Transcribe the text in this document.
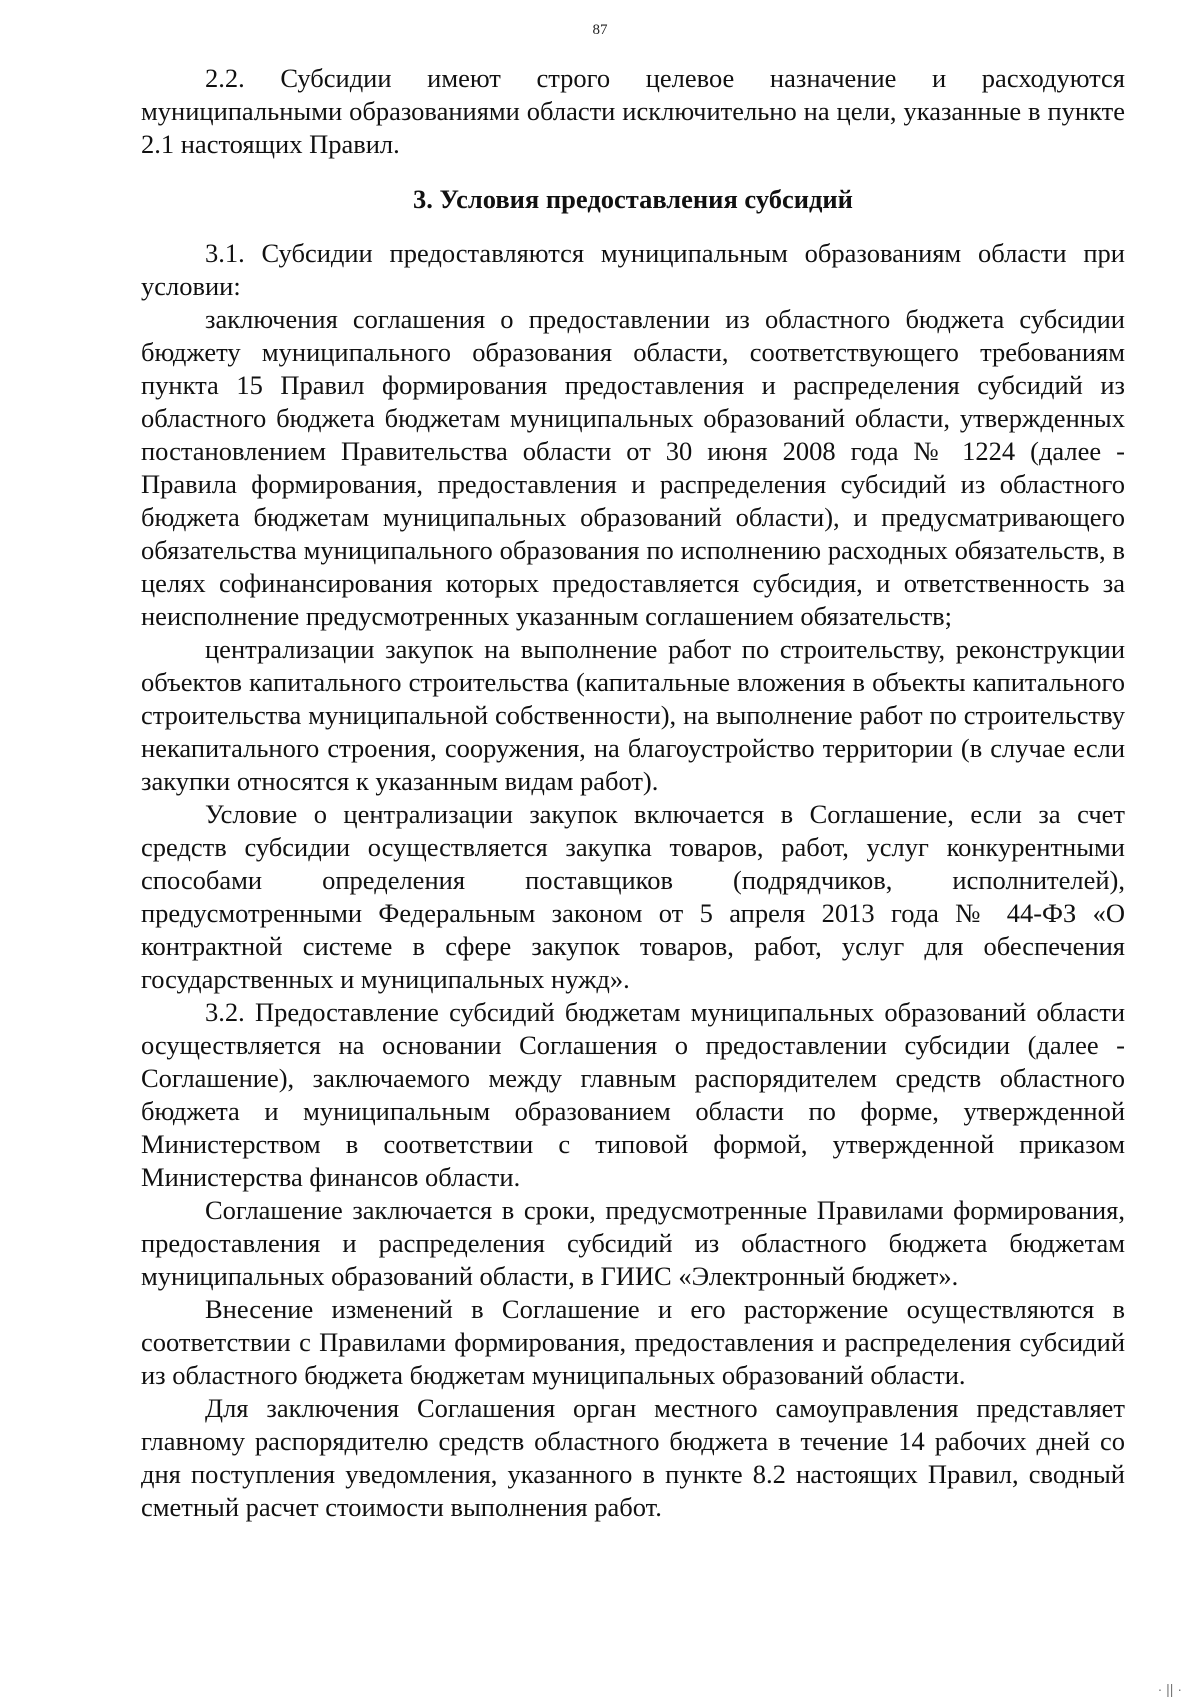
87

2.2. Субсидии имеют строго целевое назначение и расходуются муниципальными образованиями области исключительно на цели, указанные в пункте 2.1 настоящих Правил.

3. Условия предоставления субсидий

3.1. Субсидии предоставляются муниципальным образованиям области при условии:

заключения соглашения о предоставлении из областного бюджета субсидии бюджету муниципального образования области, соответствующего требованиям пункта 15 Правил формирования предоставления и распределения субсидий из областного бюджета бюджетам муниципальных образований области, утвержденных постановлением Правительства области от 30 июня 2008 года № 1224 (далее - Правила формирования, предоставления и распределения субсидий из областного бюджета бюджетам муниципальных образований области), и предусматривающего обязательства муниципального образования по исполнению расходных обязательств, в целях софинансирования которых предоставляется субсидия, и ответственность за неисполнение предусмотренных указанным соглашением обязательств;

централизации закупок на выполнение работ по строительству, реконструкции объектов капитального строительства (капитальные вложения в объекты капитального строительства муниципальной собственности), на выполнение работ по строительству некапитального строения, сооружения, на благоустройство территории (в случае если закупки относятся к указанным видам работ).

Условие о централизации закупок включается в Соглашение, если за счет средств субсидии осуществляется закупка товаров, работ, услуг конкурентными способами определения поставщиков (подрядчиков, исполнителей), предусмотренными Федеральным законом от 5 апреля 2013 года № 44-ФЗ «О контрактной системе в сфере закупок товаров, работ, услуг для обеспечения государственных и муниципальных нужд».

3.2. Предоставление субсидий бюджетам муниципальных образований области осуществляется на основании Соглашения о предоставлении субсидии (далее - Соглашение), заключаемого между главным распорядителем средств областного бюджета и муниципальным образованием области по форме, утвержденной Министерством в соответствии с типовой формой, утвержденной приказом Министерства финансов области.

Соглашение заключается в сроки, предусмотренные Правилами формирования, предоставления и распределения субсидий из областного бюджета бюджетам муниципальных образований области, в ГИИС «Электронный бюджет».

Внесение изменений в Соглашение и его расторжение осуществляются в соответствии с Правилами формирования, предоставления и распределения субсидий из областного бюджета бюджетам муниципальных образований области.

Для заключения Соглашения орган местного самоуправления представляет главному распорядителю средств областного бюджета в течение 14 рабочих дней со дня поступления уведомления, указанного в пункте 8.2 настоящих Правил, сводный сметный расчет стоимости выполнения работ.

· || ·
